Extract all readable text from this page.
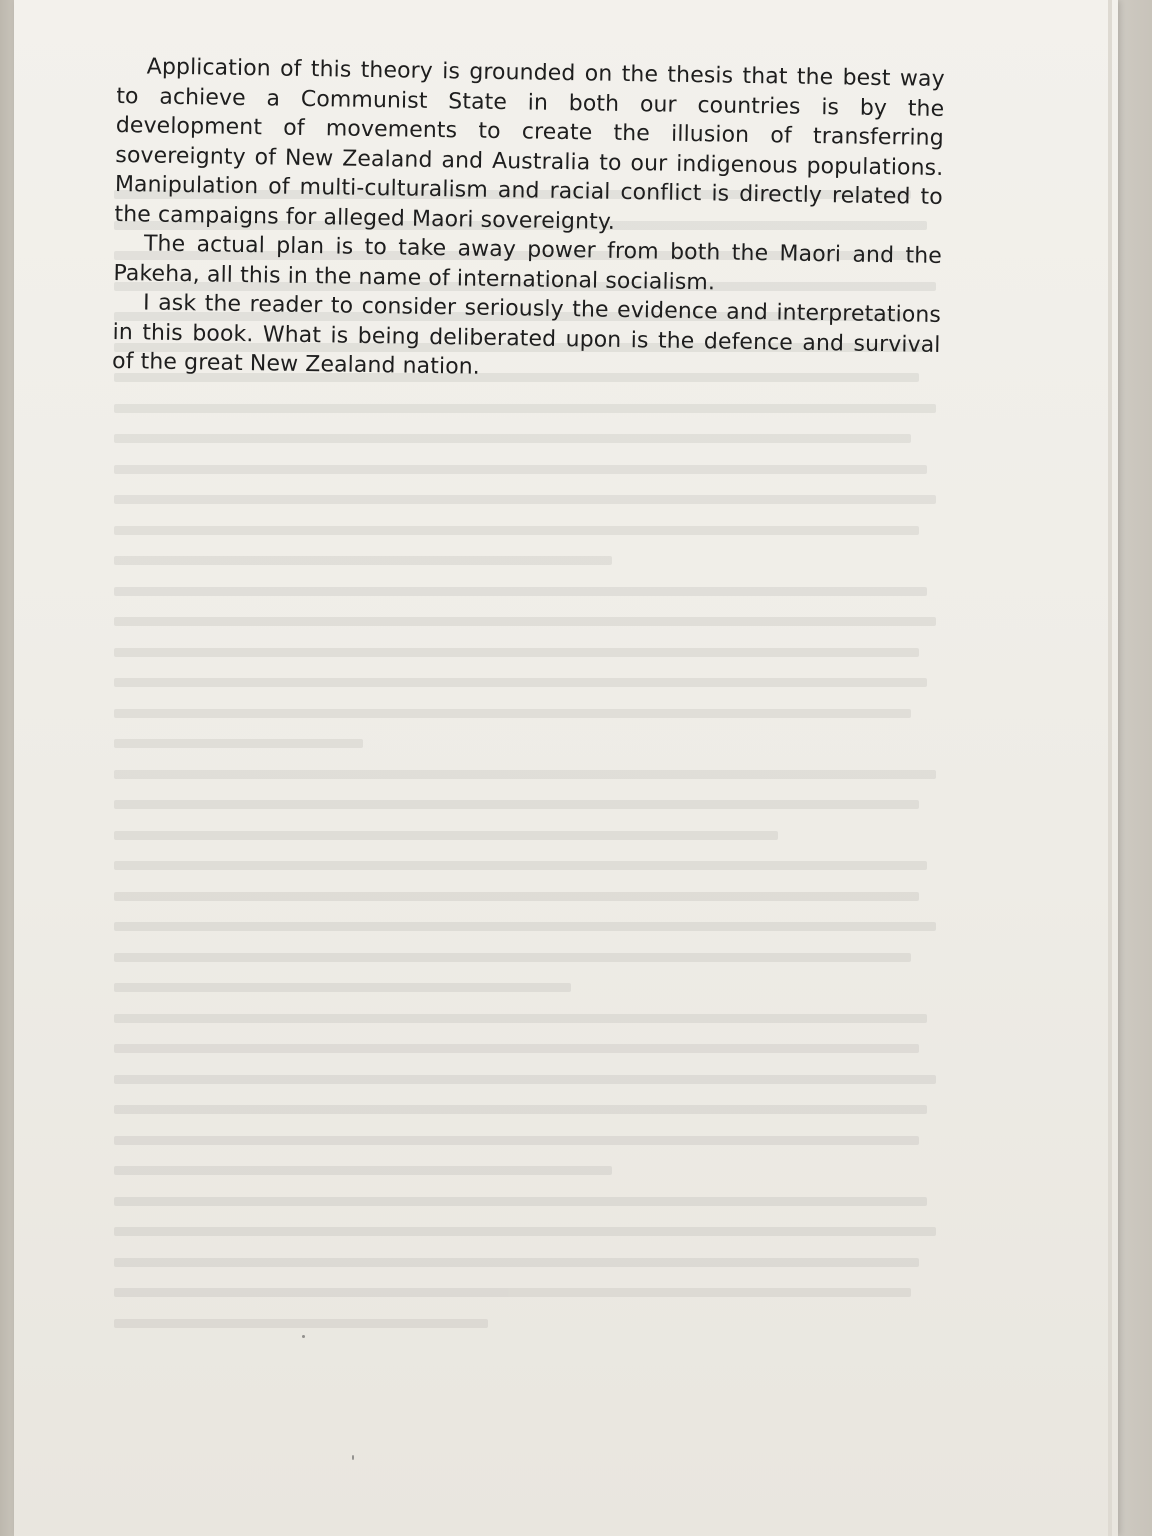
Application of this theory is grounded on the thesis that the best way to achieve a Communist State in both our countries is by the development of movements to create the illusion of transferring sovereignty of New Zealand and Australia to our indigenous populations. Manipulation of multi-culturalism and racial conflict is directly related to the campaigns for alleged Maori sovereignty.

The actual plan is to take away power from both the Maori and the Pakeha, all this in the name of international socialism.

I ask the reader to consider seriously the evidence and interpretations in this book. What is being deliberated upon is the defence and survival of the great New Zealand nation.
